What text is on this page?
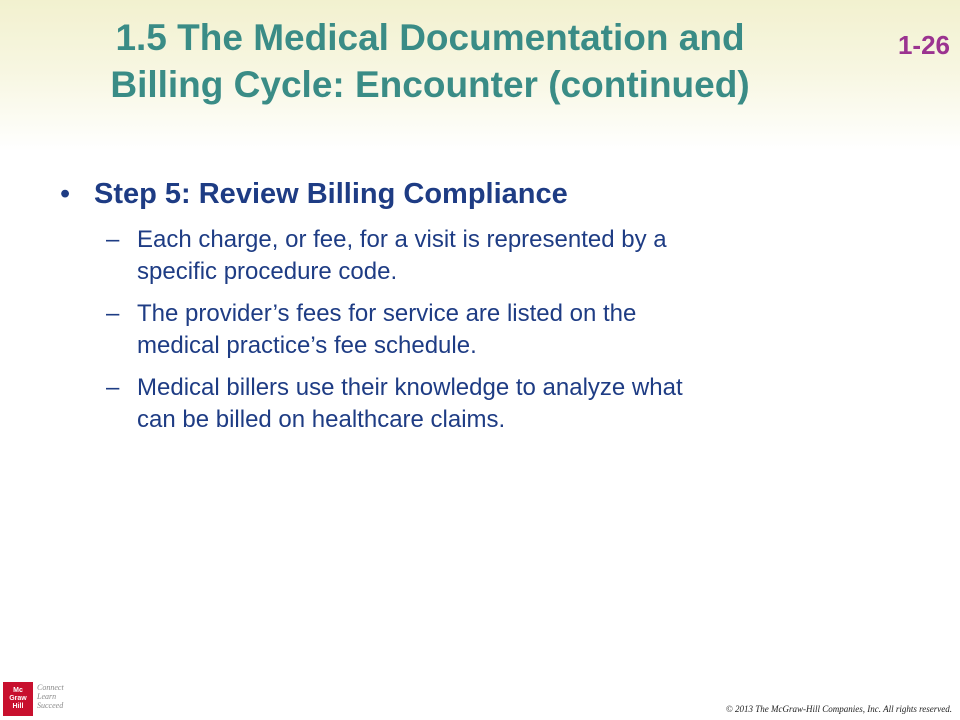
1.5 The Medical Documentation and
Billing Cycle: Encounter (continued)
1-26
• Step 5: Review Billing Compliance
– Each charge, or fee, for a visit is represented by a
specific procedure code.
– The provider’s fees for service are listed on the
medical practice’s fee schedule.
– Medical billers use their knowledge to analyze what
can be billed on healthcare claims.
Mc
Graw
Hill
Connect
Learn
Succeed	© 2013 The McGraw-Hill Companies, Inc. All rights reserved.
